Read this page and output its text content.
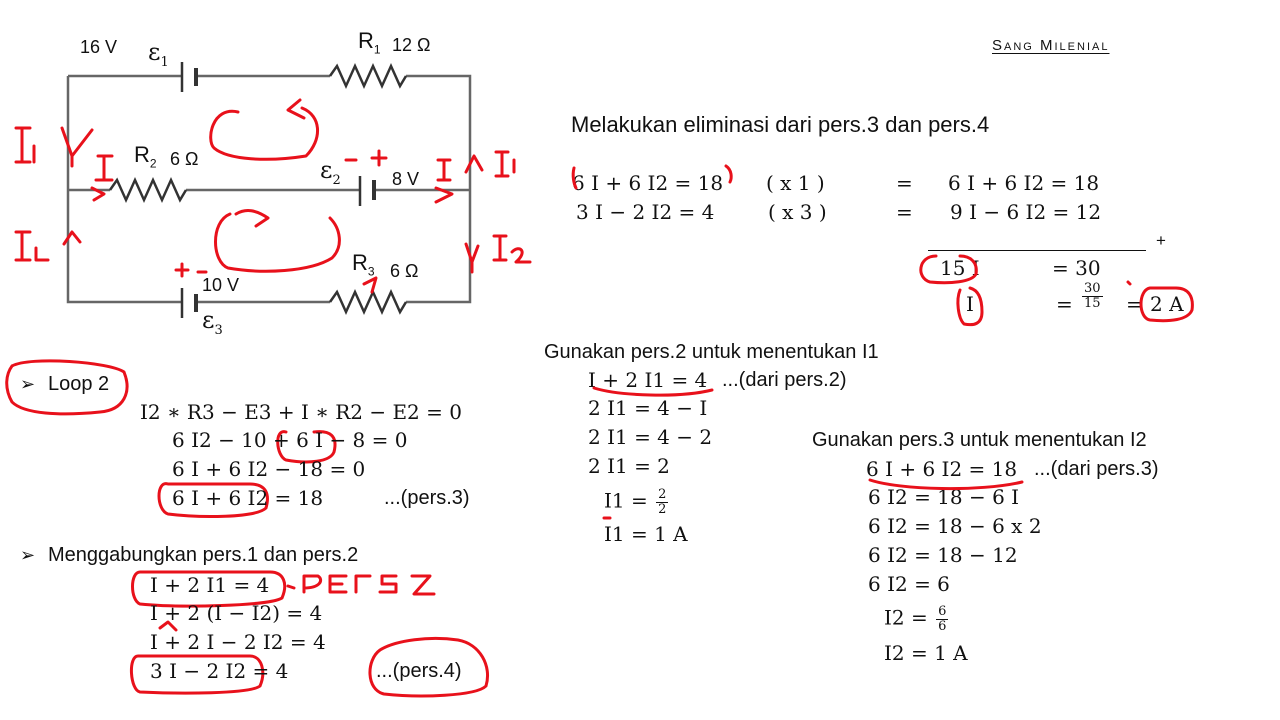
Sang Milenial
16 V $\varepsilon_1$
$R_1$ 12 Ω
$R_2$ 6 Ω	$\varepsilon_2$	8 V
$R_3$ 6 Ω
10 V
$\varepsilon_3$
➢ Loop 2
I2 ∗ R3 − E3 + I ∗ R2 − E2 = 0
6 I2 − 10 + 6 I − 8 = 0
6 I + 6 I2 − 18 = 0
6 I + 6 I2 = 18	...(pers.3)
➢ Menggabungkan pers.1 dan pers.2
I + 2 I1 = 4
I + 2 (I − I2) = 4
I + 2 I − 2 I2 = 4
3 I − 2 I2 = 4	...(pers.4)
Melakukan eliminasi dari pers.3 dan pers.4
6 I + 6 I2 = 18 ( x 1 )	= 6 I + 6 I2 = 18
3 I − 2 I2 = 4	( x 3 )	= 9 I − 6 I2 = 12
+
15 I	= 30
I	= $\frac{30}{15} = 2$ A
Gunakan pers.2 untuk menentukan I1
I + 2 I1 = 4 ...(dari pers.2)
2 I1 = 4 − I
2 I1 = 4 − 2
2 I1 = 2
$I1 = \frac{2}{2}$
I1 = 1 A
Gunakan pers.3 untuk menentukan I2
6 I + 6 I2 = 18 ...(dari pers.3)
6 I2 = 18 − 6 I
6 I2 = 18 − 6 x 2
6 I2 = 18 − 12
6 I2 = 6
$I2 = \frac{6}{6}$
I2 = 1 A
